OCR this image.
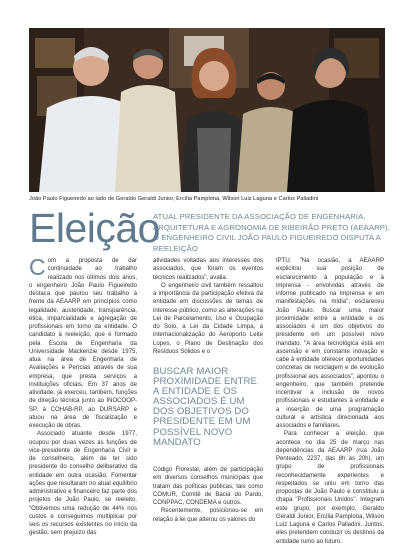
João Paulo Figueiredo ao lado de Geraldo Geraldi Junior, Ercília Pamplona, Wilson Luiz Laguna e Carlos Palladini
Eleição
ATUAL PRESIDENTE DA ASSOCIAÇÃO DE ENGENHARIA, ARQUITETURA E AGRONOMIA DE RIBEIRÃO PRETO (AEAARP), O ENGENHEIRO CIVIL JOÃO PAULO FIGUEIREDO DISPUTA A REELEIÇÃO
C om a proposta de dar continuidade ao trabalho realizado nos últimos dois anos, o engenheiro João Paulo Figueiredo destaca que pautou seu trabalho à frente da AEAARP em princípios como legalidade, austeridade, transparência, ética, imparcialidade e agregação de profissionais em torno da entidade. O candidato à reeleição, que é formado pela Escola de Engenharia da Universidade Mackenzie desde 1975, atua na área de Engenharia de Avaliações e Perícias através de sua empresa, que presta serviços a instituições oficiais. Em 37 anos de atividade, já exerceu, também, funções de direção técnica junto ao INOCOOP-SP, à COHAB-RP, ao DURSARP e atuou na área de fiscalização e execução de obras.

Associado atuante desde 1977, ocupou por duas vezes as funções de vice-presidente de Engenharia Civil e de conselheiro, além de ter sido presidente do conselho deliberativo da entidade em outra ocasião. Fomentar ações que resultaram no atual equilíbrio administrativo e financeiro faz parte dos projetos de João Paulo, se reeleito. "Obtivemos uma redução de 44% nos custos e conseguimos multiplicar por seis os recursos existentes no início da gestão, sem prejuízo das

atividades voltadas aos interesses dos associados, que foram os eventos técnicos realizados", avalia.

O engenheiro civil também ressaltou a importância da participação efetiva da entidade em discussões de temas de interesse público, como as alterações na Lei de Parcelamento, Uso e Ocupação do Solo, a Lei da Cidade Limpa, a internacionalização do Aeroporto Leite Lopes, o Plano de Destinação dos Resíduos Sólidos e o

BUSCAR MAIOR PROXIMIDADE ENTRE A ENTIDADE E OS ASSOCIADOS É UM DOS OBJETIVOS DO PRESIDENTE EM UM POSSÍVEL NOVO MANDATO

Código Florestal, além de participação em diversos conselhos municipais que tratam das políticas públicas, tais como COMUR, Comitê de Bacia do Pardo, CONPPAC, CONDEMA e outros.

Recentemente, posicionou-se em relação à lei que alterou os valores do

IPTU. "Na ocasião, a AEAARP explicitou sua posição de esclarecimento à população e à imprensa - envolvidas através de informe publicado na imprensa e em manifestações na mídia", esclareceu João Paulo. Buscar uma maior proximidade entre a entidade e os associados é um dos objetivos do presidente em um possível novo mandato. "A área tecnológica está em ascensão e em constante inovação e cabe à entidade oferecer oportunidades concretas de reciclagem e de evolução profissional aos associados", apontou o engenheiro, que também pretende incentivar a inclusão de novos profissionais e estudantes à entidade e a inserção de uma programação cultural e artística direcionada aos associados e familiares.

Para conhecer a eleição, que acontece no dia 25 de março nas dependências da AEAARP (rua João Penteado, 2237, das 8h às 20h), um grupo de profissionais reconhecidamente experientes e respeitados se uniu em torno das propostas de João Paulo e constituiu a chapa "Profissionais Unidos". Integram este grupo, por exemplo, Geraldo Geraldi Junior, Ercília Pamplona, Wilson Luiz Laguna e Carlos Palladini. Juntos, eles pretendem conduzir os destinos da entidade rumo ao futuro.
